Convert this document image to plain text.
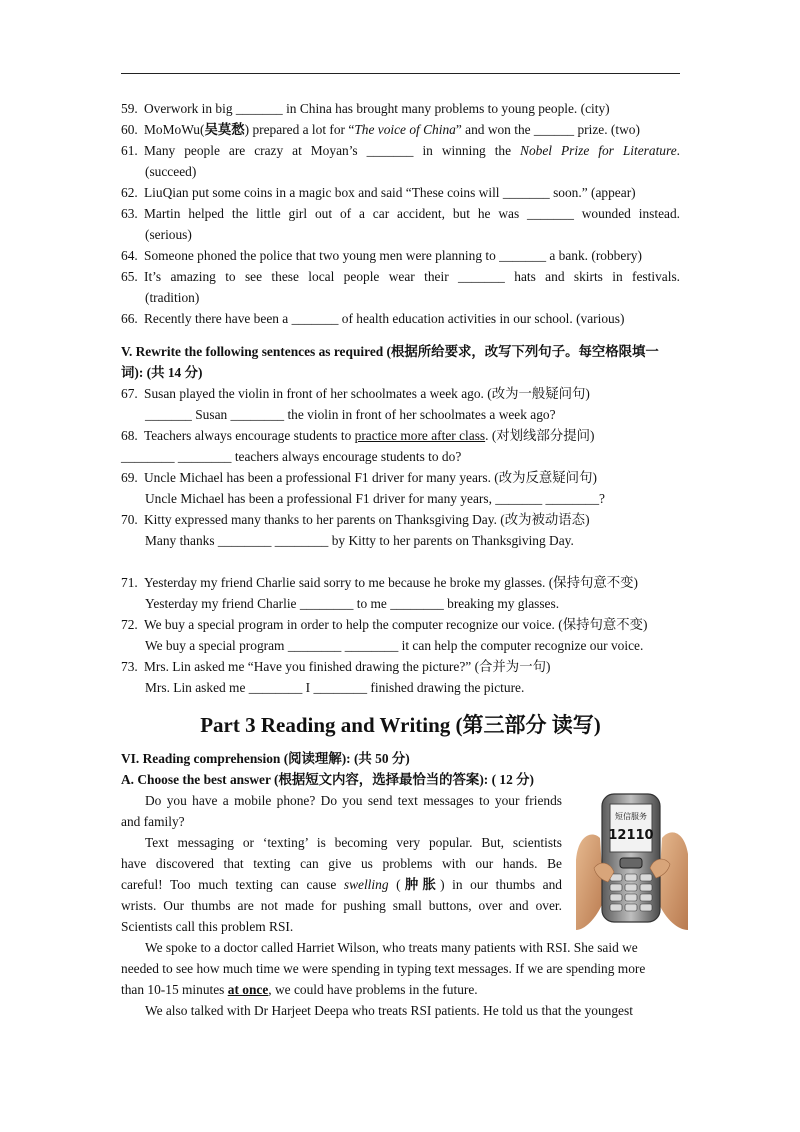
59. Overwork in big _______ in China has brought many problems to young people. (city)
60. MoMoWu(吴莫愁) prepared a lot for “The voice of China” and won the ______ prize. (two)
61. Many people are crazy at Moyan’s _______ in winning the Nobel Prize for Literature.
(succeed)
62. LiuQian put some coins in a magic box and said “These coins will _______ soon.” (appear)
63. Martin helped the little girl out of a car accident, but he was _______ wounded instead.
(serious)
64. Someone phoned the police that two young men were planning to _______ a bank. (robbery)
65. It’s amazing to see these local people wear their _______ hats and skirts in festivals.
(tradition)
66. Recently there have been a _______ of health education activities in our school. (various)
V. Rewrite the following sentences as required (根据所给要求，改写下列句子。每空格限填一
词): (共 14 分)
67. Susan played the violin in front of her schoolmates a week ago. (改为一般疑问句)
_______ Susan ________ the violin in front of her schoolmates a week ago?
68. Teachers always encourage students to practice more after class. (对划线部分提问)
________ ________ teachers always encourage students to do?
69. Uncle Michael has been a professional F1 driver for many years. (改为反意疑问句)
Uncle Michael has been a professional F1 driver for many years, _______ ________?
70. Kitty expressed many thanks to her parents on Thanksgiving Day. (改为被动语态)
Many thanks ________ ________ by Kitty to her parents on Thanksgiving Day.
71. Yesterday my friend Charlie said sorry to me because he broke my glasses. (保持句意不变)
Yesterday my friend Charlie ________ to me ________ breaking my glasses.
72. We buy a special program in order to help the computer recognize our voice. (保持句意不变)
We buy a special program ________ ________ it can help the computer recognize our voice.
73. Mrs. Lin asked me “Have you finished drawing the picture?” (合并为一句)
Mrs. Lin asked me ________ I ________ finished drawing the picture.
Part 3 Reading and Writing (第三部分 读写)
VI. Reading comprehension (阅读理解): (共 50 分)
A. Choose the best answer (根据短文内容，选择最恰当的答案): ( 12 分)
Do you have a mobile phone? Do you send text messages to your friends
and family?
Text messaging or ‘texting’ is becoming very popular. But, scientists
have discovered that texting can give us problems with our hands. Be
careful! Too much texting can cause swelling (肿胀) in our thumbs and
wrists. Our thumbs are not made for pushing small buttons, over and over.
Scientists call this problem RSI.
短信服务
12110
We spoke to a doctor called Harriet Wilson, who treats many patients with RSI. She said we
needed to see how much time we were spending in typing text messages. If we are spending more
than 10-15 minutes at once, we could have problems in the future.
We also talked with Dr Harjeet Deepa who treats RSI patients. He told us that the youngest
